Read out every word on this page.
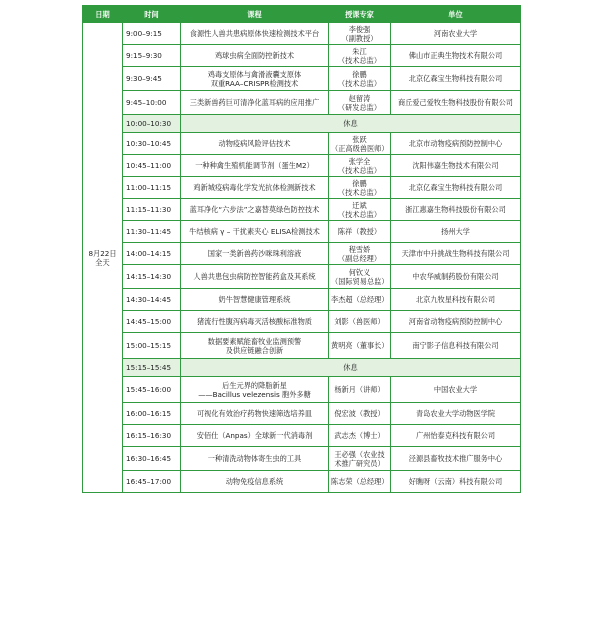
日期	时间	课程	授课专家	单位
8月22日
全天	9:00–9:15	食源性人兽共患病原体快速检测技术平台	李俊强
（副教授）	河南农业大学
	9:15–9:30	鸡球虫病全面防控新技术	朱江
（技术总监）	佛山市正典生物技术有限公司
	9:30–9:45	鸡毒支原体与禽滑液囊支原体
双重RAA–CRISPR检测技术	徐鹏
（技术总监）	北京亿森宝生物科技有限公司
	9:45–10:00	三类新兽药巨可清净化蓝耳病的应用推广	赵留涛
（研发总监）	商丘爱己爱牧生物科技股份有限公司
	10:00–10:30	休息		
	10:30–10:45	动物疫病风险评估技术	张跃
（正高级兽医师）	北京市动物疫病预防控制中心
	10:45–11:00	一种种禽生殖机能调节剂（蛋生M2）	张学全
（技术总监）	沈阳伟嘉生物技术有限公司
	11:00–11:15	鸡新城疫病毒化学发光抗体检测新技术	徐鹏
（技术总监）	北京亿森宝生物科技有限公司
	11:15–11:30	蓝耳净化“六步法”之嘉替莫绿色防控技术	迁斌
（技术总监）	浙江惠嘉生物科技股份有限公司
	11:30–11:45	牛结核病 γ – 干扰素夹心 ELISA检测技术	陈祥（教授）	扬州大学
	14:00–14:15	国家一类新兽药沙咪珠利溶液	程雪娇
（副总经理）	天津市中升挑战生物科技有限公司
	14:15–14:30	人兽共患包虫病防控智能药盒及其系统	何钦义
（国际贸易总监）	中农华威制药股份有限公司
	14:30–14:45	奶牛智慧健康管理系统	李杰超（总经理）	北京九牧星科技有限公司
	14:45–15:00	猪流行性腹泻病毒灭活核酸标准物质	刘影（兽医师）	河南省动物疫病预防控制中心
	15:00–15:15	数据要素赋能畜牧业监测预警
及供应链融合创新	黄明亮（董事长）	南宁影子信息科技有限公司
	15:15–15:45	休息		
	15:45–16:00	后生元界的降脂新星
——Bacillus velezensis 胞外多糖	杨新月（讲师）	中国农业大学
	16:00–16:15	可视化有效治疗药物快速筛选培养皿	倪宏波（教授）	青岛农业大学动物医学院
	16:15–16:30	安佰仕（Anpas）全球新一代消毒剂	武志杰（博士）	广州怡泰克科技有限公司
	16:30–16:45	一种清洗动物体寄生虫的工具	王必强（农业技
术推广研究员）	泾源县畜牧技术推广服务中心
	16:45–17:00	动物免疫信息系统	陈志荣（总经理）	好瞧呀（云南）科技有限公司
